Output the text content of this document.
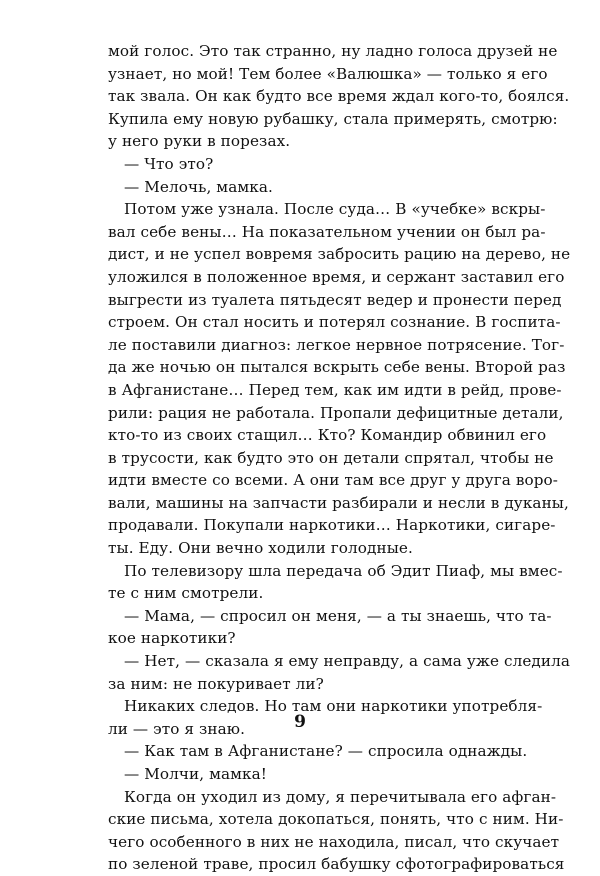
мой голос. Это так странно, ну ладно голоса друзей не
узнает, но мой! Тем более «Валюшка» — только я его
так звала. Он как будто все время ждал кого-то, боялся.
Купила ему новую рубашку, стала примерять, смотрю:
у него руки в порезах.
— Что это?
— Мелочь, мамка.
Потом уже узнала. После суда… В «учебке» вскры-
вал себе вены… На показательном учении он был ра-
дист, и не успел вовремя забросить рацию на дерево, не
уложился в положенное время, и сержант заставил его
выгрести из туалета пятьдесят ведер и пронести перед
строем. Он стал носить и потерял сознание. В госпита-
ле поставили диагноз: легкое нервное потрясение. Тог-
да же ночью он пытался вскрыть себе вены. Второй раз
в Афганистане… Перед тем, как им идти в рейд, прове-
рили: рация не работала. Пропали дефицитные детали,
кто-то из своих стащил… Кто? Командир обвинил его
в трусости, как будто это он детали спрятал, чтобы не
идти вместе со всеми. А они там все друг у друга воро-
вали, машины на запчасти разбирали и несли в дуканы,
продавали. Покупали наркотики… Наркотики, сигаре-
ты. Еду. Они вечно ходили голодные.
По телевизору шла передача об Эдит Пиаф, мы вмес-
те с ним смотрели.
— Мама, — спросил он меня, — а ты знаешь, что та-
кое наркотики?
— Нет, — сказала я ему неправду, а сама уже следила
за ним: не покуривает ли?
Никаких следов. Но там они наркотики употребля-
ли — это я знаю.
— Как там в Афганистане? — спросила однажды.
— Молчи, мамка!
Когда он уходил из дому, я перечитывала его афган-
ские письма, хотела докопаться, понять, что с ним. Ни-
чего особенного в них не находила, писал, что скучает
по зеленой траве, просил бабушку сфотографироваться
9
